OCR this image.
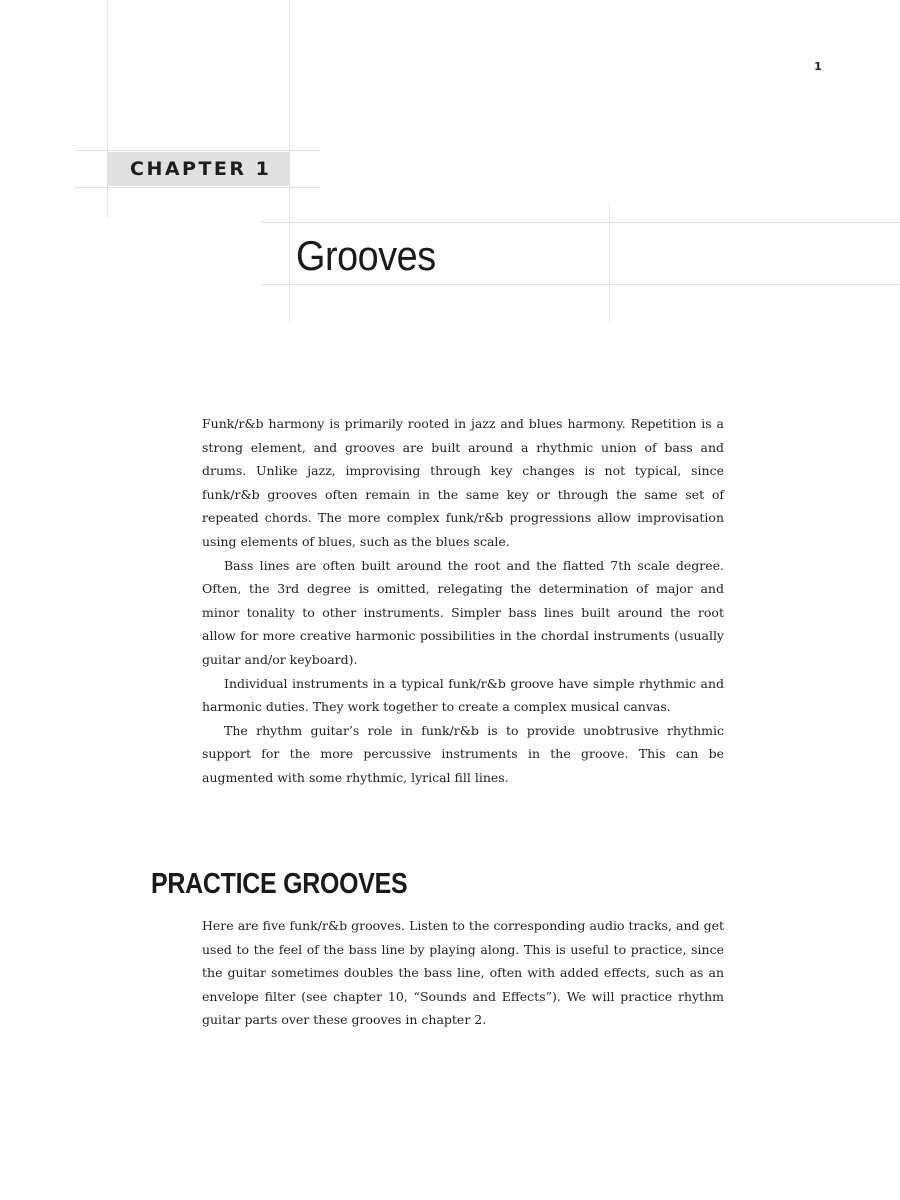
1
CHAPTER 1
Grooves

Funk/r&b harmony is primarily rooted in jazz and blues harmony. Repetition is a strong element, and grooves are built around a rhythmic union of bass and drums. Unlike jazz, improvising through key changes is not typical, since funk/r&b grooves often remain in the same key or through the same set of repeated chords. The more complex funk/r&b progressions allow improvisation using elements of blues, such as the blues scale.

Bass lines are often built around the root and the flatted 7th scale degree. Often, the 3rd degree is omitted, relegating the determination of major and minor tonality to other instruments. Simpler bass lines built around the root allow for more creative harmonic possibilities in the chordal instruments (usually guitar and/or keyboard).

Individual instruments in a typical funk/r&b groove have simple rhythmic and harmonic duties. They work together to create a complex musical canvas.

The rhythm guitar’s role in funk/r&b is to provide unobtrusive rhythmic support for the more percussive instruments in the groove. This can be augmented with some rhythmic, lyrical fill lines.

PRACTICE GROOVES

Here are five funk/r&b grooves. Listen to the corresponding audio tracks, and get used to the feel of the bass line by playing along. This is useful to practice, since the guitar sometimes doubles the bass line, often with added effects, such as an envelope filter (see chapter 10, “Sounds and Effects”). We will practice rhythm guitar parts over these grooves in chapter 2.
